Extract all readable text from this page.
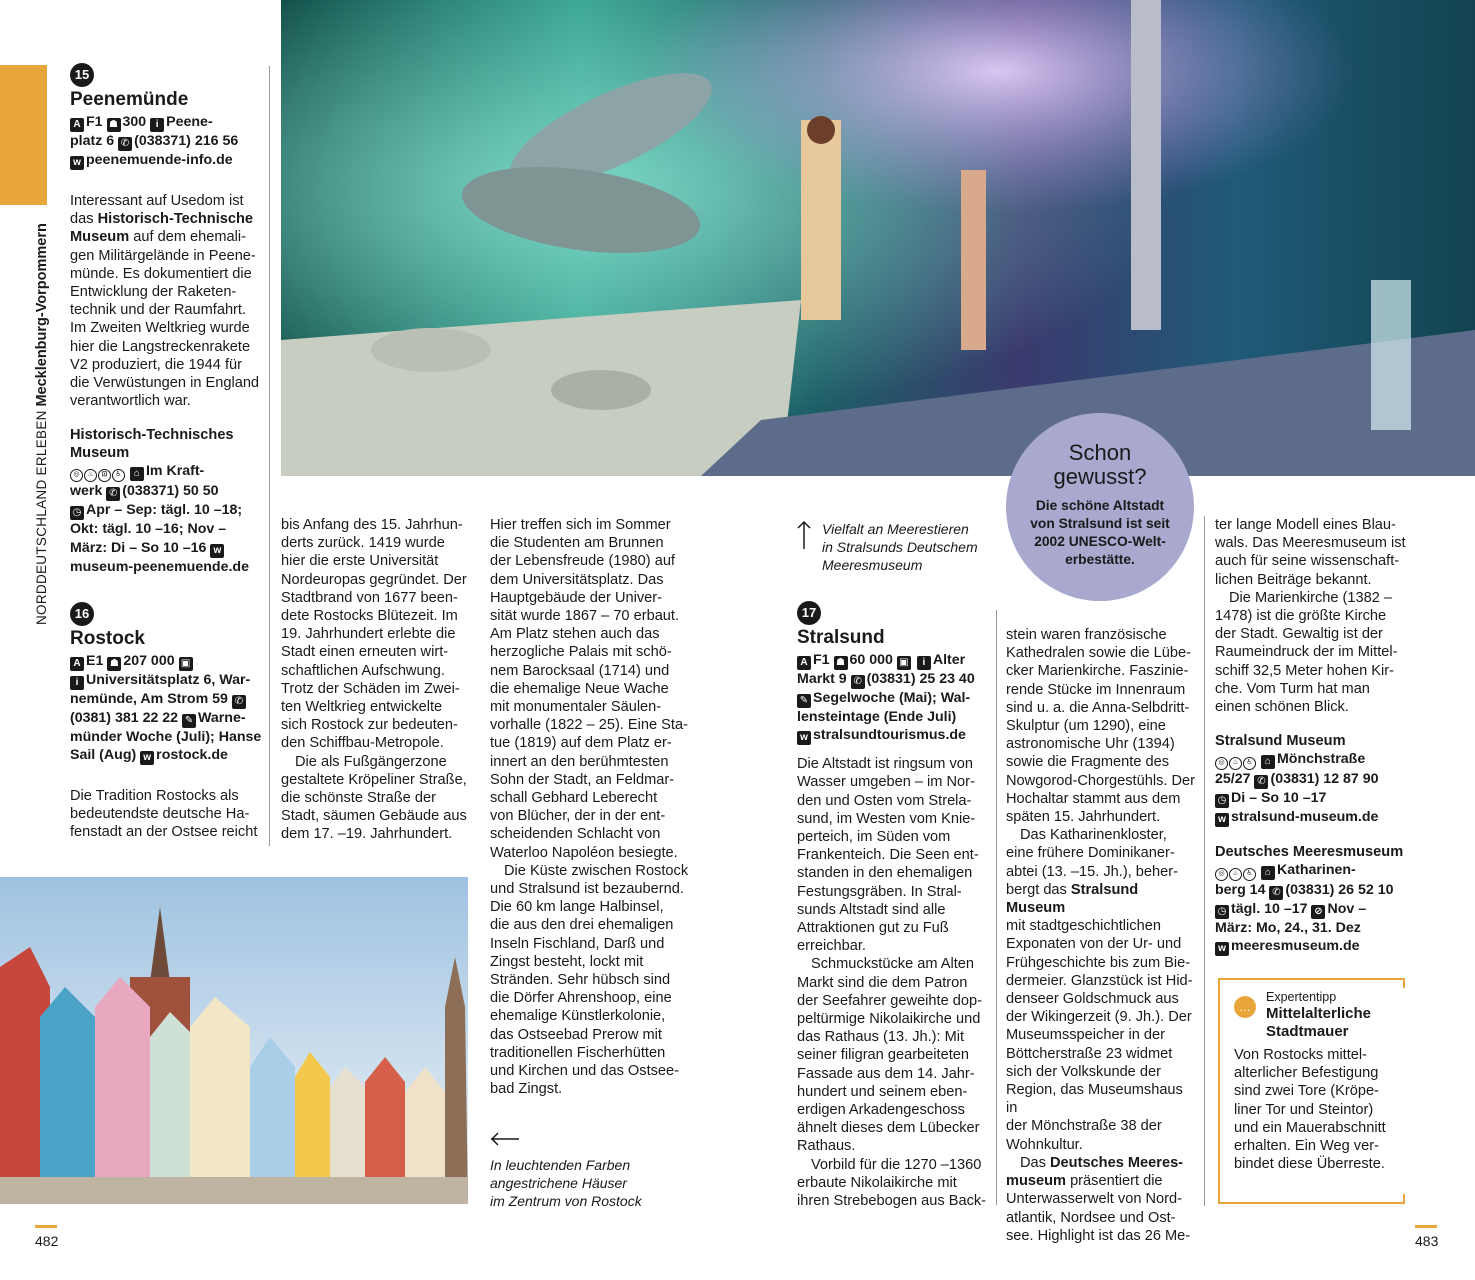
NORDDEUTSCHLAND ERLEBEN Mecklenburg-Vorpommern
15
Peenemünde
A F1 ☗ 300 i Peene-
platz 6 ✆ (038371) 216 56
w peenemuende-info.de

Interessant auf Usedom ist

das Historisch-Technische

Museum auf dem ehemali-

gen Militärgelände in Peene-

münde. Es dokumentiert die

Entwicklung der Raketen-

technik und der Raumfahrt.

Im Zweiten Weltkrieg wurde

hier die Langstreckenrakete

V2 produziert, die 1944 für

die Verwüstungen in England

verantwortlich war.

Historisch-Technisches
Museum
◎ ♨ ⊡ ♿ ⌂ Im Kraft-
werk ✆ (038371) 50 50
◷ Apr – Sep: tägl. 10 –18;
Okt: tägl. 10 –16; Nov –
März: Di – So 10 –16 w
museum-peenemuende.de
16
Rostock
A E1 ☗ 207 000 ▣
i Universitätsplatz 6, War-
nemünde, Am Strom 59 ✆
(0381) 381 22 22 ✎ Warne-
münder Woche (Juli); Hanse
Sail (Aug) w rostock.de

Die Tradition Rostocks als

bedeutendste deutsche Ha-

fenstadt an der Ostsee reicht

Schon
gewusst?
Die schöne Altstadt
von Stralsund ist seit
2002 UNESCO-Welt-
erbestätte.

bis Anfang des 15. Jahrhun-

derts zurück. 1419 wurde

hier die erste Universität

Nordeuropas gegründet. Der

Stadtbrand von 1677 been-

dete Rostocks Blütezeit. Im

19. Jahrhundert erlebte die

Stadt einen erneuten wirt-

schaftlichen Aufschwung.

Trotz der Schäden im Zwei-

ten Weltkrieg entwickelte

sich Rostock zur bedeuten-

den Schiffbau-Metropole.

Die als Fußgängerzone

gestaltete Kröpeliner Straße,

die schönste Straße der

Stadt, säumen Gebäude aus

dem 17. –19. Jahrhundert.

Hier treffen sich im Sommer

die Studenten am Brunnen

der Lebensfreude (1980) auf

dem Universitätsplatz. Das

Hauptgebäude der Univer-

sität wurde 1867 – 70 erbaut.

Am Platz stehen auch das

herzogliche Palais mit schö-

nem Barocksaal (1714) und

die ehemalige Neue Wache

mit monumentaler Säulen-

vorhalle (1822 – 25). Eine Sta-

tue (1819) auf dem Platz er-

innert an den berühmtesten

Sohn der Stadt, an Feldmar-

schall Gebhard Leberecht

von Blücher, der in der ent-

scheidenden Schlacht von

Waterloo Napoléon besiegte.

Die Küste zwischen Rostock

und Stralsund ist bezaubernd.

Die 60 km lange Halbinsel,

die aus den drei ehemaligen

Inseln Fischland, Darß und

Zingst besteht, lockt mit

Stränden. Sehr hübsch sind

die Dörfer Ahrenshoop, eine

ehemalige Künstlerkolonie,

das Ostseebad Prerow mit

traditionellen Fischerhütten

und Kirchen und das Ostsee-

bad Zingst.

Vielfalt an Meerestieren
in Stralsunds Deutschem
Meeresmuseum
In leuchtenden Farben
angestrichene Häuser
im Zentrum von Rostock
17
Stralsund
A F1 ☗ 60 000 ▣ i Alter
Markt 9 ✆ (03831) 25 23 40
✎ Segelwoche (Mai); Wal-
lensteintage (Ende Juli)
w stralsundtourismus.de

Die Altstadt ist ringsum von

Wasser umgeben – im Nor-

den und Osten vom Strela-

sund, im Westen vom Knie-

perteich, im Süden vom

Frankenteich. Die Seen ent-

standen in den ehemaligen

Festungsgräben. In Stral-

sunds Altstadt sind alle

Attraktionen gut zu Fuß

erreichbar.

Schmuckstücke am Alten

Markt sind die dem Patron

der Seefahrer geweihte dop-

peltürmige Nikolaikirche und

das Rathaus (13. Jh.): Mit

seiner filigran gearbeiteten

Fassade aus dem 14. Jahr-

hundert und seinem eben-

erdigen Arkadengeschoss

ähnelt dieses dem Lübecker

Rathaus.

Vorbild für die 1270 –1360

erbaute Nikolaikirche mit

ihren Strebebogen aus Back-

stein waren französische

Kathedralen sowie die Lübe-

cker Marienkirche. Faszinie-

rende Stücke im Innenraum

sind u. a. die Anna-Selbdritt-

Skulptur (um 1290), eine

astronomische Uhr (1394)

sowie die Fragmente des

Nowgorod-Chorgestühls. Der

Hochaltar stammt aus dem

späten 15. Jahrhundert.

Das Katharinenkloster,

eine frühere Dominikaner-

abtei (13. –15. Jh.), beher-

bergt das Stralsund Museum

mit stadtgeschichtlichen

Exponaten von der Ur- und

Frühgeschichte bis zum Bie-

dermeier. Glanzstück ist Hid-

denseer Goldschmuck aus

der Wikingerzeit (9. Jh.). Der

Museumsspeicher in der

Böttcherstraße 23 widmet

sich der Volkskunde der

Region, das Museumshaus in

der Mönchstraße 38 der

Wohnkultur.

Das Deutsches Meeres-

museum präsentiert die

Unterwasserwelt von Nord-

atlantik, Nordsee und Ost-

see. Highlight ist das 26 Me-

ter lange Modell eines Blau-

wals. Das Meeresmuseum ist

auch für seine wissenschaft-

lichen Beiträge bekannt.

Die Marienkirche (1382 –

1478) ist die größte Kirche

der Stadt. Gewaltig ist der

Raumeindruck der im Mittel-

schiff 32,5 Meter hohen Kir-

che. Vom Turm hat man

einen schönen Blick.

Stralsund Museum
◎ ♨ ♿ ⌂ Mönchstraße
25/27 ✆ (03831) 12 87 90
◷ Di – So 10 –17
w stralsund-museum.de
Deutsches Meeresmuseum
◎ ♨ ♿ ⌂ Katharinen-
berg 14 ✆ (03831) 26 52 10
◷ tägl. 10 –17 ⊘ Nov –
März: Mo, 24., 31. Dez
w meeresmuseum.de
…
Expertentipp
Mittelalterliche
Stadtmauer

Von Rostocks mittel-

alterlicher Befestigung

sind zwei Tore (Kröpe-

liner Tor und Steintor)

und ein Mauerabschnitt

erhalten. Ein Weg ver-

bindet diese Überreste.

482	483
